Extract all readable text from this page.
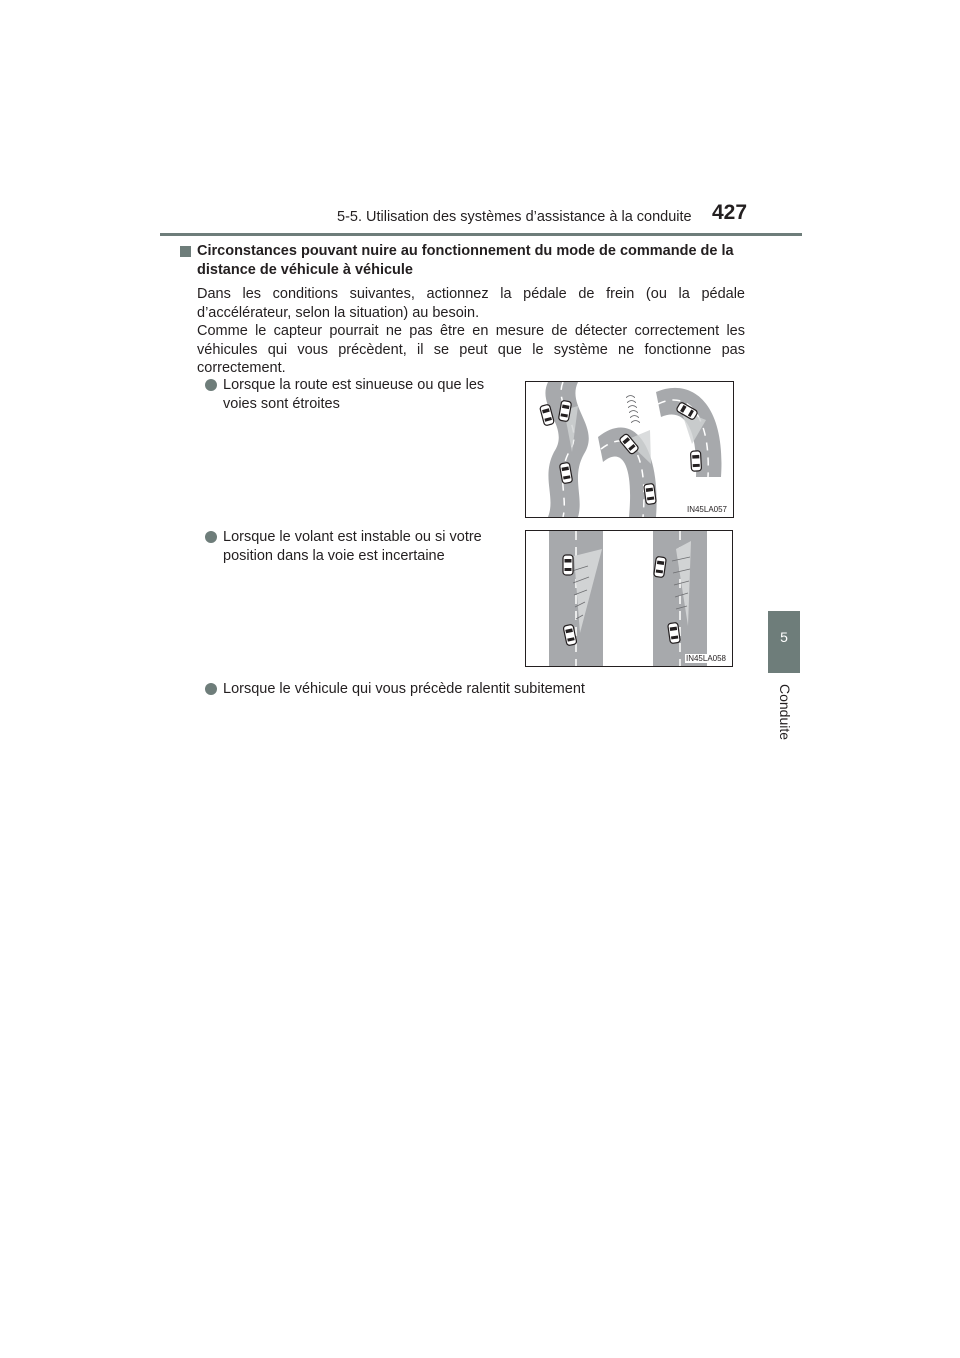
5-5. Utilisation des systèmes d’assistance à la conduite 427
5
Conduite

Circonstances pouvant nuire au fonctionnement du mode de commande de la distance de véhicule à véhicule

Dans les conditions suivantes, actionnez la pédale de frein (ou la pédale d’accélérateur, selon la situation) au besoin.
Comme le capteur pourrait ne pas être en mesure de détecter correctement les véhicules qui vous précèdent, il se peut que le système ne fonctionne pas correctement.

Lorsque la route est sinueuse ou que les voies sont étroites
Lorsque le volant est instable ou si votre position dans la voie est incertaine
Lorsque le véhicule qui vous précède ralentit subitement
IN45LA057
IN45LA058
